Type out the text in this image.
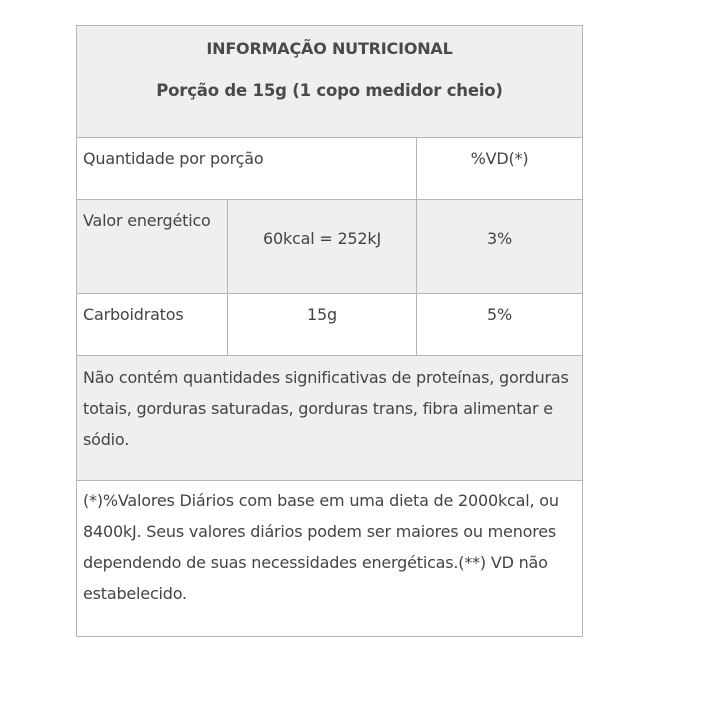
INFORMAÇÃO NUTRICIONAL
Porção de 15g (1 copo medidor cheio)		

Quantidade por porção		%VD(*)
Valor energético	60kcal = 252kJ	3%
Carboidratos	15g	5%
Não contém quantidades significativas de proteínas, gorduras totais, gorduras saturadas, gorduras trans, fibra alimentar e sódio.		
(*)%Valores Diários com base em uma dieta de 2000kcal, ou 8400kJ. Seus valores diários podem ser maiores ou menores dependendo de suas necessidades energéticas.(**) VD não estabelecido.		
